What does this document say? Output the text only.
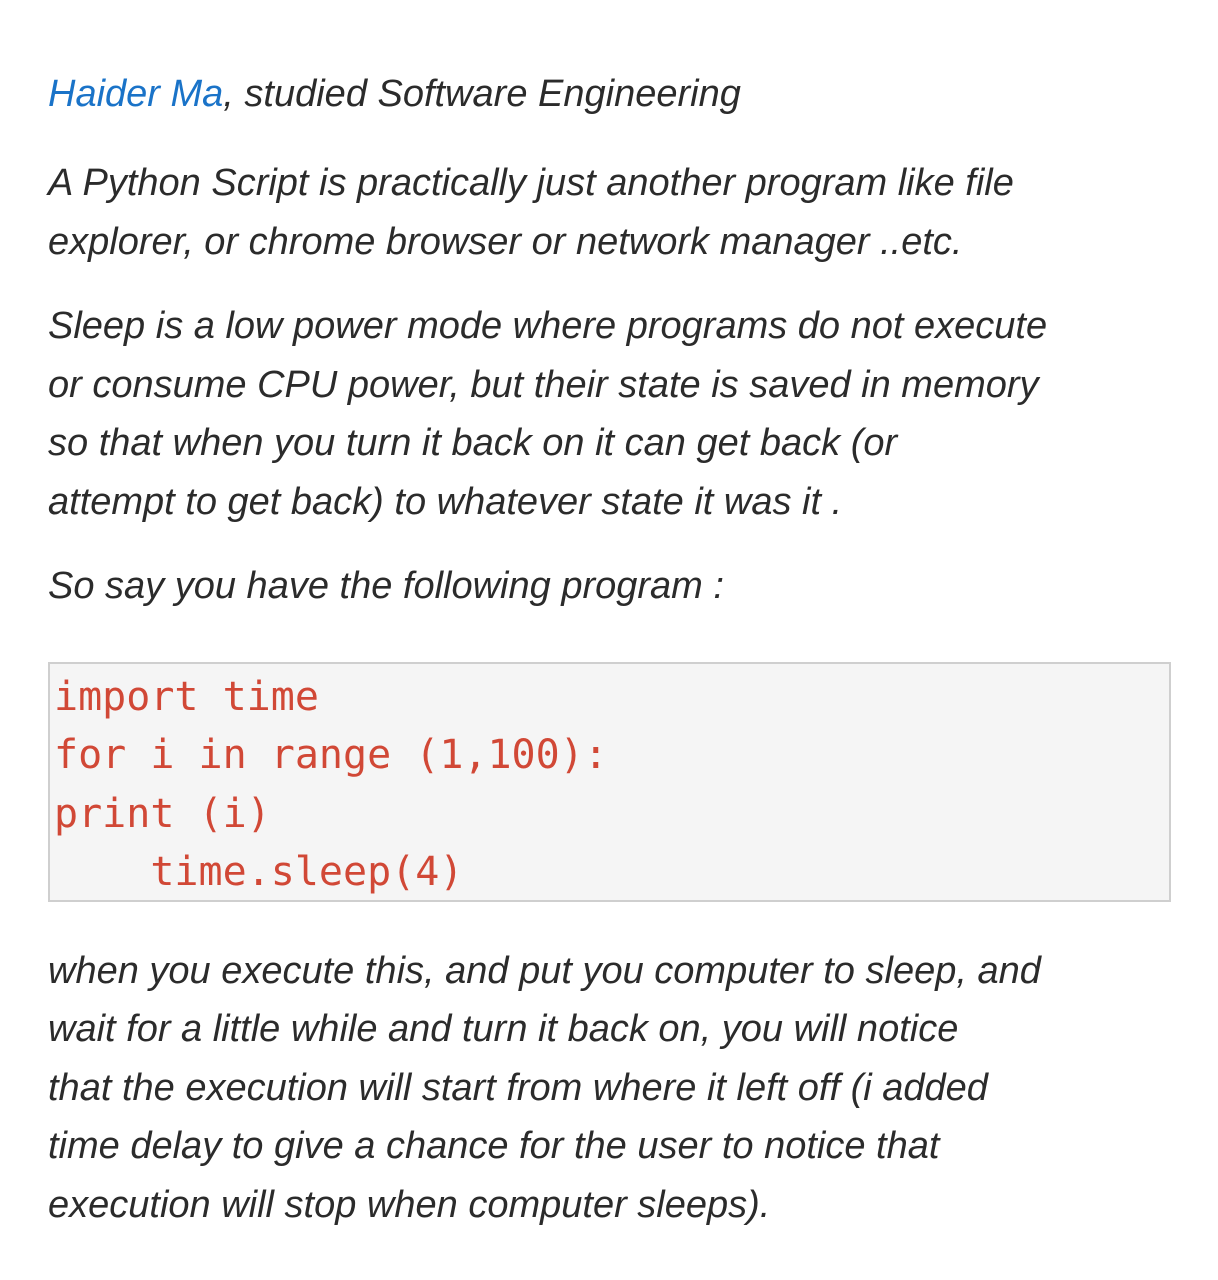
Haider Ma, studied Software Engineering
A Python Script is practically just another program like file
explorer, or chrome browser or network manager ..etc.
Sleep is a low power mode where programs do not execute
or consume CPU power, but their state is saved in memory
so that when you turn it back on it can get back (or
attempt to get back) to whatever state it was it .
So say you have the following program :
import time
for i in range (1,100):
print (i)
time.sleep(4)
when you execute this, and put you computer to sleep, and
wait for a little while and turn it back on, you will notice
that the execution will start from where it left off (i added
time delay to give a chance for the user to notice that
execution will stop when computer sleeps).
